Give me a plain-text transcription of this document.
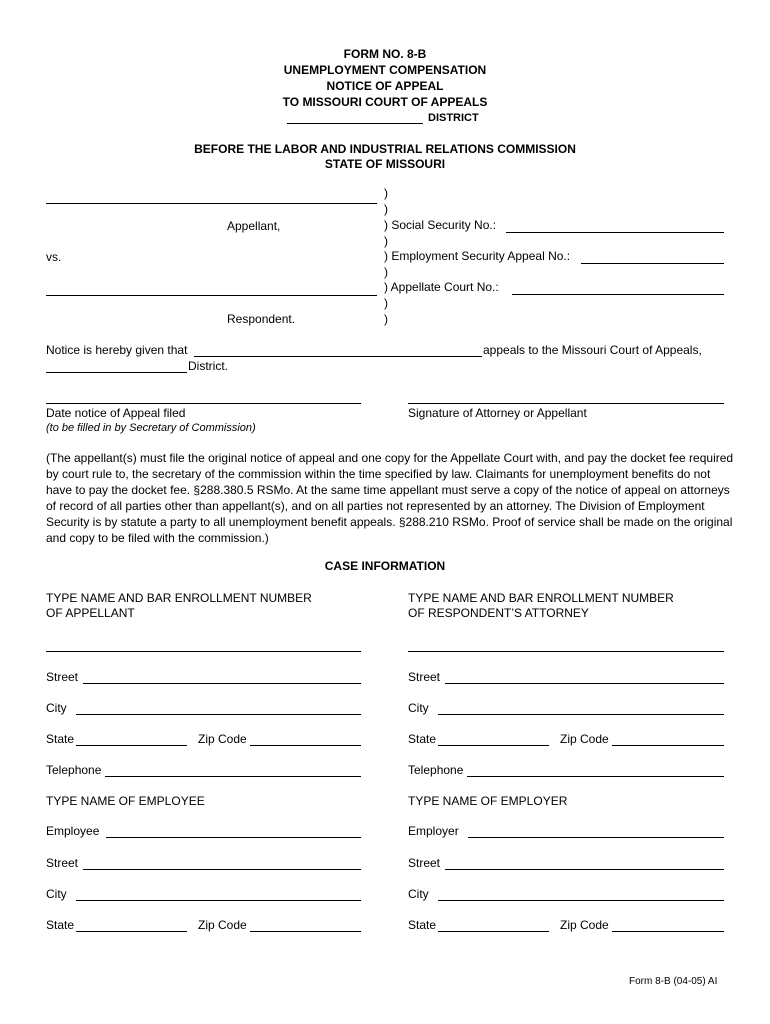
FORM NO. 8-B
UNEMPLOYMENT COMPENSATION
NOTICE OF APPEAL
TO MISSOURI COURT OF APPEALS
DISTRICT
BEFORE THE LABOR AND INDUSTRIAL RELATIONS COMMISSION
STATE OF MISSOURI
Appellant,
vs.
Respondent.
)
)
) Social Security No.:
)
) Employment Security Appeal No.:
)
) Appellate Court No.:
)
)
Notice is hereby given that	appeals to the Missouri Court of Appeals,
District.
Date notice of Appeal filed
(to be filled in by Secretary of Commission)
Signature of Attorney or Appellant
(The appellant(s) must file the original notice of appeal and one copy for the Appellate Court with, and pay the docket fee required by court rule to, the secretary of the commission within the time specified by law. Claimants for unemployment benefits do not have to pay the docket fee. §288.380.5 RSMo. At the same time appellant must serve a copy of the notice of appeal on attorneys of record of all parties other than appellant(s), and on all parties not represented by an attorney. The Division of Employment Security is by statute a party to all unemployment benefit appeals. §288.210 RSMo. Proof of service shall be made on the original and copy to be filed with the commission.)
CASE INFORMATION
TYPE NAME AND BAR ENROLLMENT NUMBER
OF APPELLANT
Street
City
State	Zip Code
Telephone
TYPE NAME AND BAR ENROLLMENT NUMBER
OF RESPONDENT’S ATTORNEY
Street
City
State	Zip Code
Telephone
TYPE NAME OF EMPLOYEE	TYPE NAME OF EMPLOYER
Employee	Employer
Street	Street
City	City
State	Zip Code	State	Zip Code
Form 8-B (04-05) AI
